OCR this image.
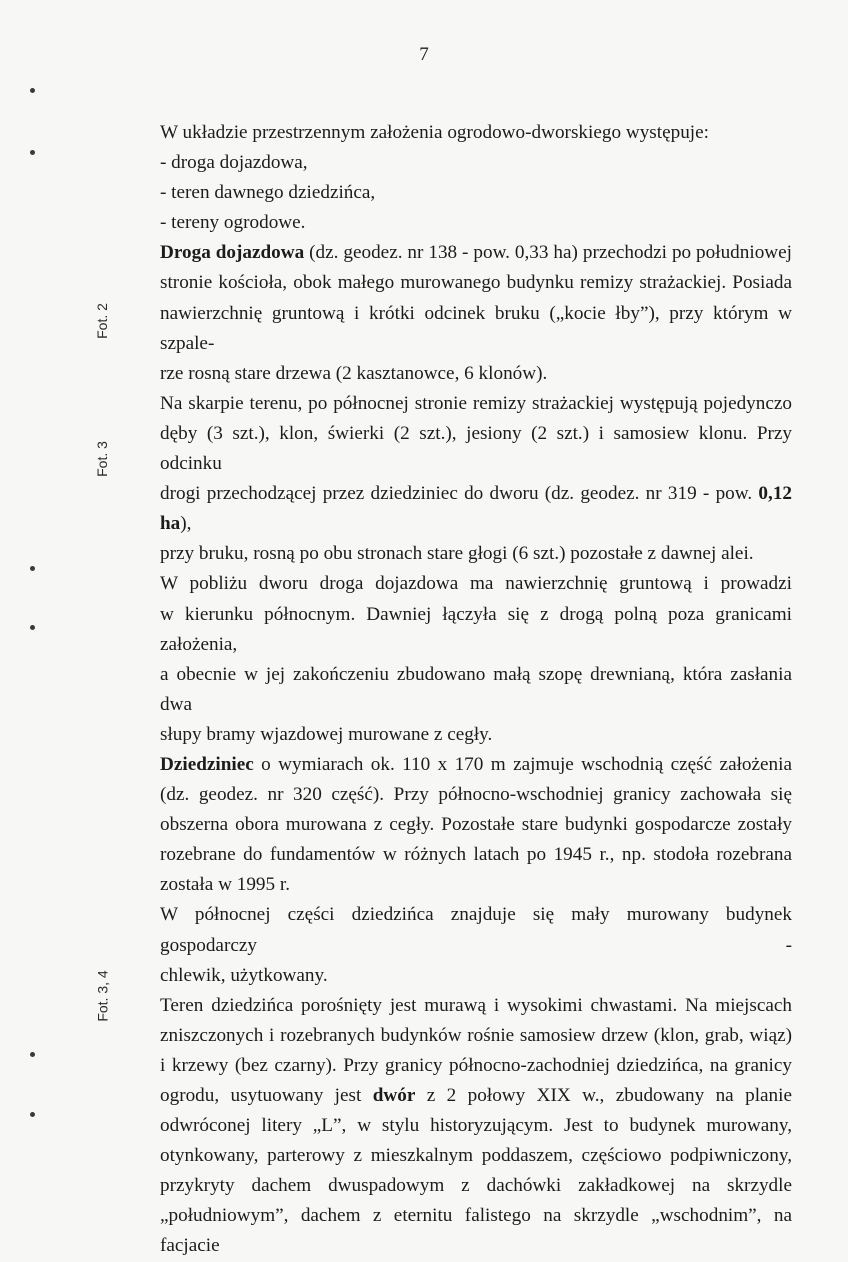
7
Fot. 2
Fot. 3
Fot. 3, 4
W układzie przestrzennym założenia ogrodowo-dworskiego występuje:
- droga dojazdowa,
- teren dawnego dziedzińca,
- tereny ogrodowe.
Droga dojazdowa (dz. geodez. nr 138 - pow. 0,33 ha) przechodzi po południowej
stronie kościoła, obok małego murowanego budynku remizy strażackiej. Posiada
nawierzchnię gruntową i krótki odcinek bruku („kocie łby”), przy którym w szpale-
rze rosną stare drzewa (2 kasztanowce, 6 klonów).
Na skarpie terenu, po północnej stronie remizy strażackiej występują pojedynczo
dęby (3 szt.), klon, świerki (2 szt.), jesiony (2 szt.) i samosiew klonu. Przy odcinku
drogi przechodzącej przez dziedziniec do dworu (dz. geodez. nr 319 - pow. 0,12 ha),
przy bruku, rosną po obu stronach stare głogi (6 szt.) pozostałe z dawnej alei.
W pobliżu dworu droga dojazdowa ma nawierzchnię gruntową i prowadzi
w kierunku północnym. Dawniej łączyła się z drogą polną poza granicami założenia,
a obecnie w jej zakończeniu zbudowano małą szopę drewnianą, która zasłania dwa
słupy bramy wjazdowej murowane z cegły.
Dziedziniec o wymiarach ok. 110 x 170 m zajmuje wschodnią część założenia
(dz. geodez. nr 320 część). Przy północno-wschodniej granicy zachowała się
obszerna obora murowana z cegły. Pozostałe stare budynki gospodarcze zostały
rozebrane do fundamentów w różnych latach po 1945 r., np. stodoła rozebrana
została w 1995 r.
W północnej części dziedzińca znajduje się mały murowany budynek gospodarczy -
chlewik, użytkowany.
Teren dziedzińca porośnięty jest murawą i wysokimi chwastami. Na miejscach
zniszczonych i rozebranych budynków rośnie samosiew drzew (klon, grab, wiąz)
i krzewy (bez czarny). Przy granicy północno-zachodniej dziedzińca, na granicy
ogrodu, usytuowany jest dwór z 2 połowy XIX w., zbudowany na planie
odwróconej litery „L”, w stylu historyzującym. Jest to budynek murowany,
otynkowany, parterowy z mieszkalnym poddaszem, częściowo podpiwniczony,
przykryty dachem dwuspadowym z dachówki zakładkowej na skrzydle
„południowym”, dachem z eternitu falistego na skrzydle „wschodnim”, na facjacie
